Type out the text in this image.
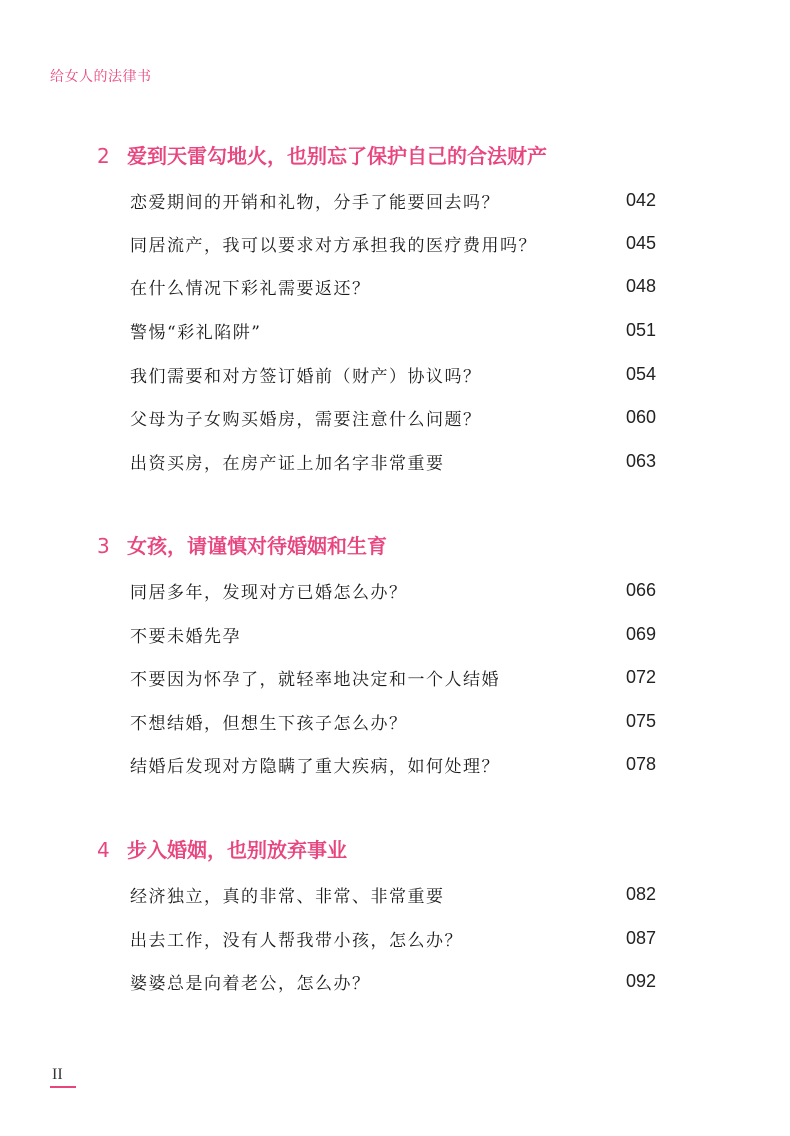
给女人的法律书
2 爱到天雷勾地火，也别忘了保护自己的合法财产
恋爱期间的开销和礼物，分手了能要回去吗？	042
同居流产，我可以要求对方承担我的医疗费用吗？	045
在什么情况下彩礼需要返还？	048
警惕“彩礼陷阱”	051
我们需要和对方签订婚前（财产）协议吗？	054
父母为子女购买婚房，需要注意什么问题？	060
出资买房，在房产证上加名字非常重要	063
3 女孩，请谨慎对待婚姻和生育
同居多年，发现对方已婚怎么办？	066
不要未婚先孕	069
不要因为怀孕了，就轻率地决定和一个人结婚	072
不想结婚，但想生下孩子怎么办？	075
结婚后发现对方隐瞒了重大疾病，如何处理？	078
4 步入婚姻，也别放弃事业
经济独立，真的非常、非常、非常重要	082
出去工作，没有人帮我带小孩，怎么办？	087
婆婆总是向着老公，怎么办？	092
II
